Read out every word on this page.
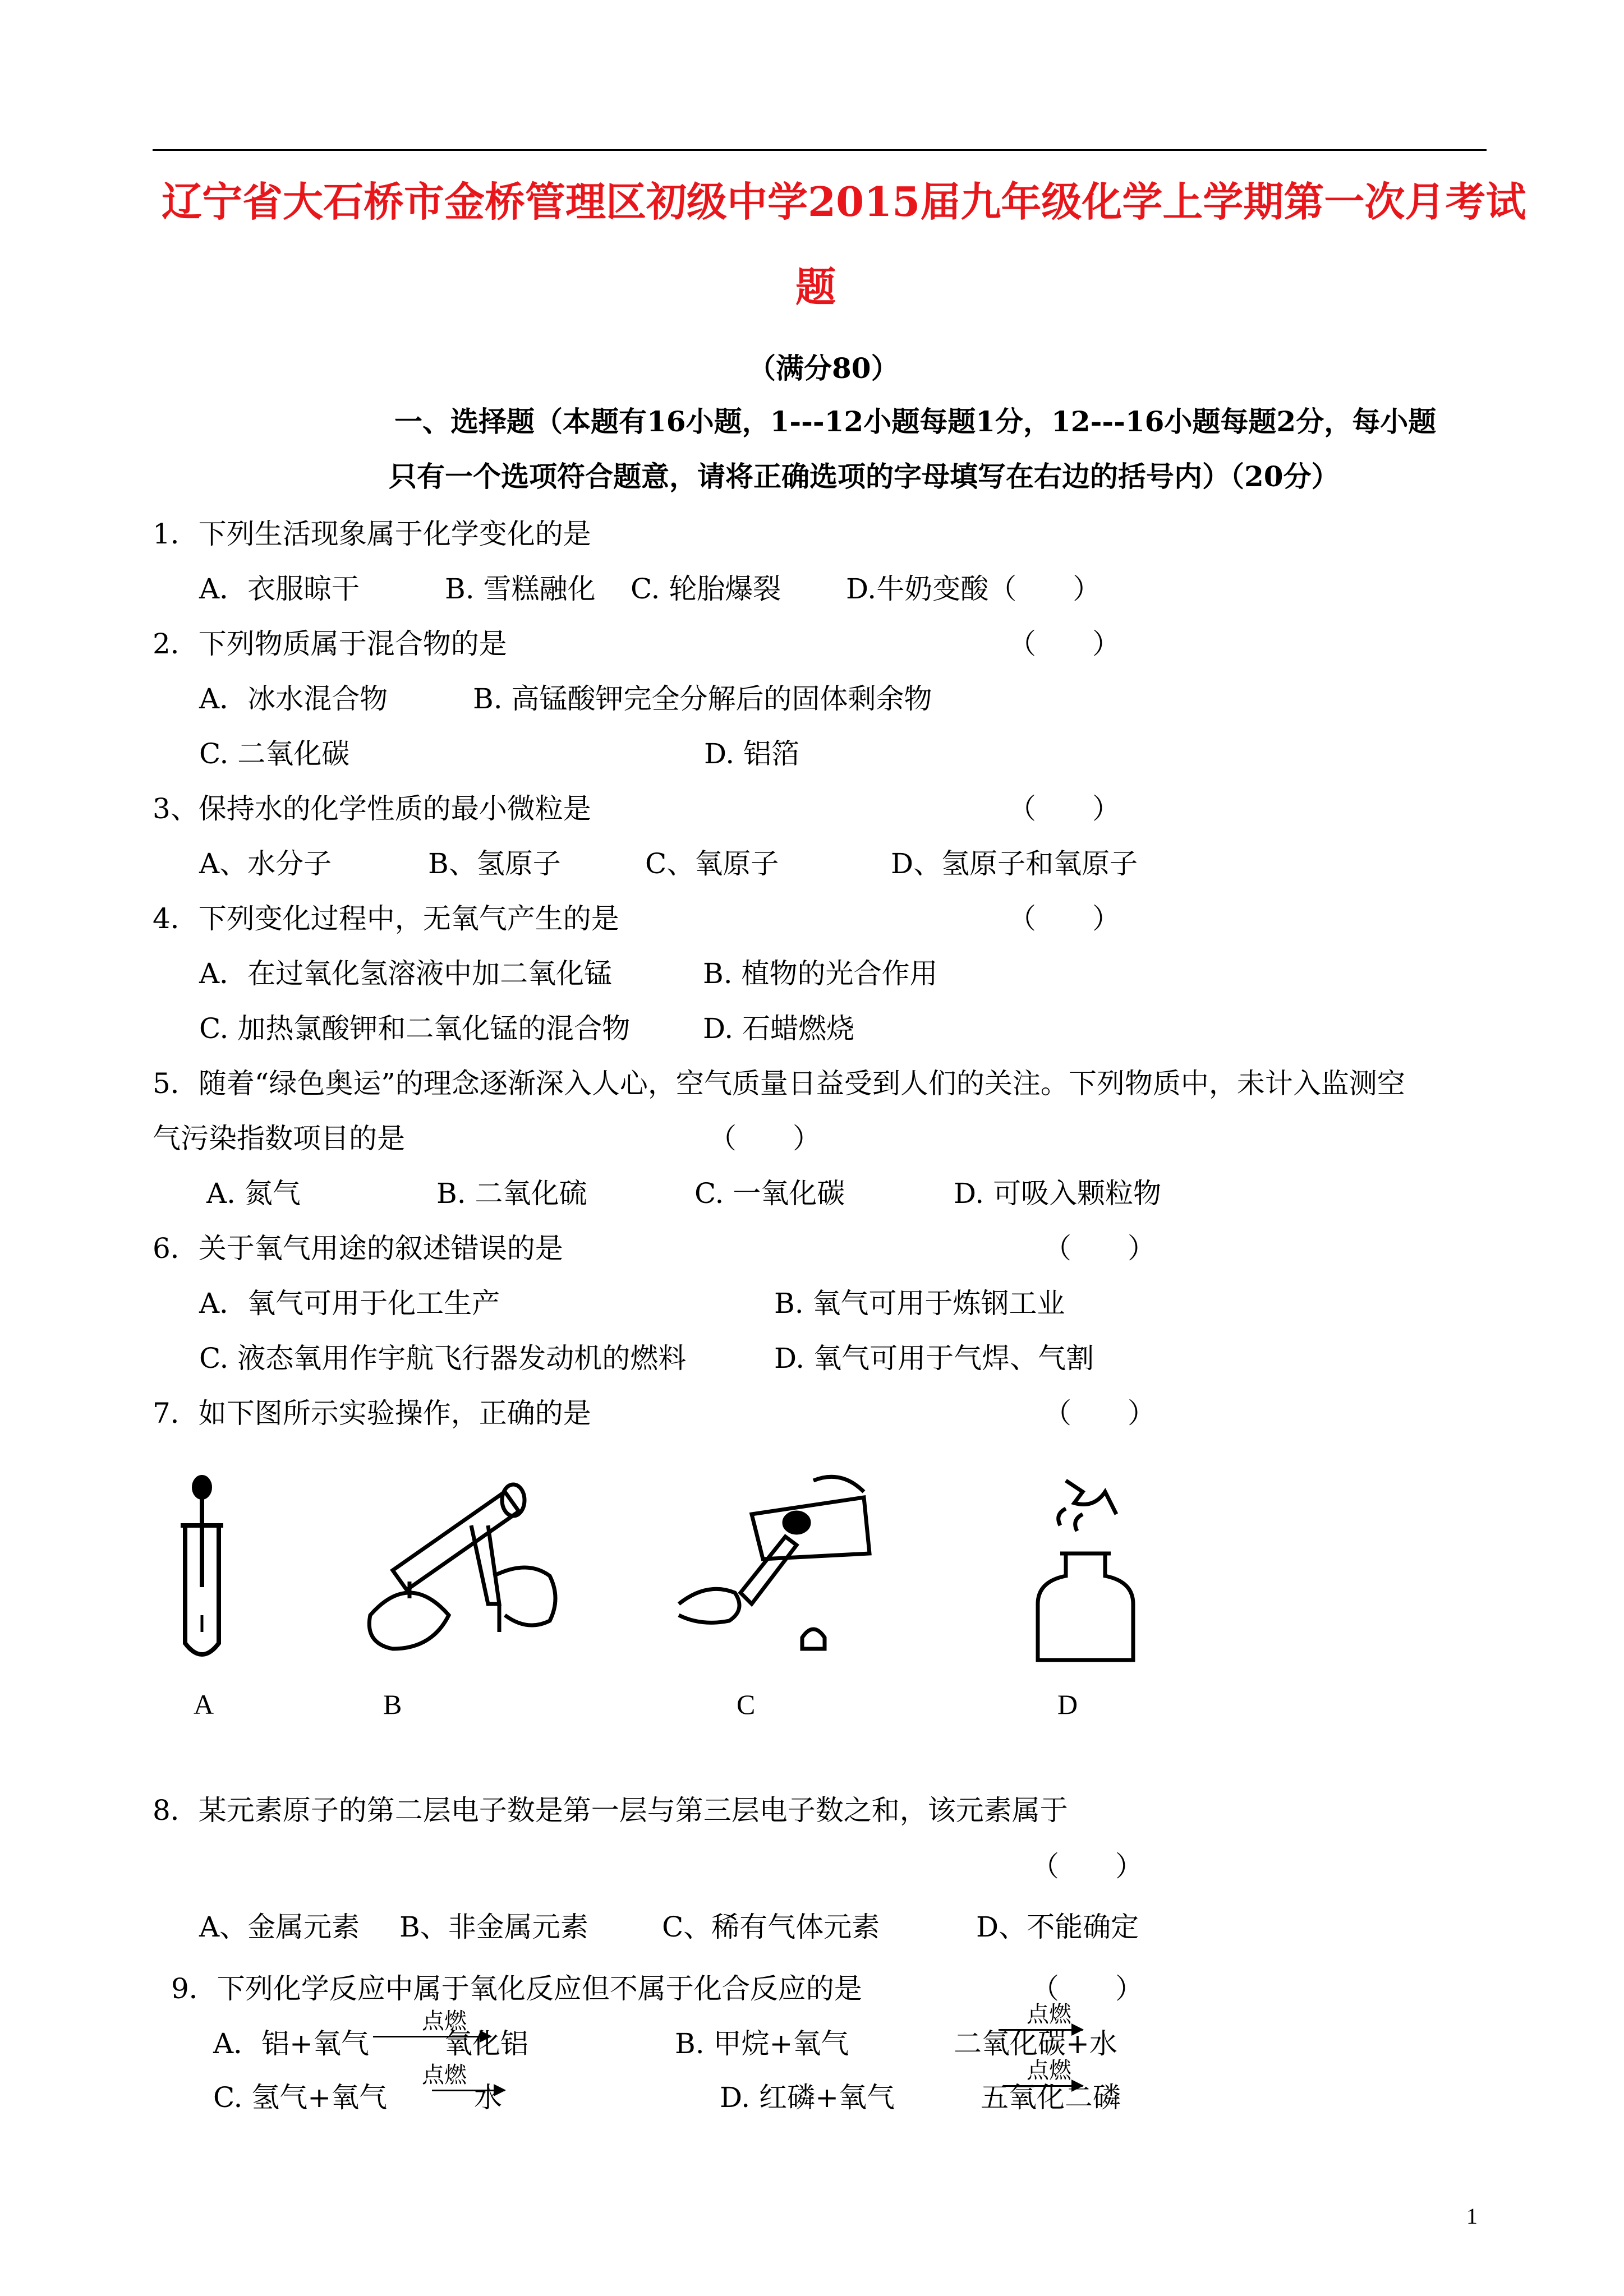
辽宁省大石桥市金桥管理区初级中学2015届九年级化学上学期第一次月考试
题
（满分80）
一、选择题（本题有16小题，1---12小题每题1分，12---16小题每题2分，每小题
只有一个选项符合题意，请将正确选项的字母填写在右边的括号内）（20分）
1．下列生活现象属于化学变化的是
A．衣服晾干	B. 雪糕融化 C. 轮胎爆裂 D.牛奶变酸（　　）
2．下列物质属于混合物的是	（　　）
A．冰水混合物	B. 高锰酸钾完全分解后的固体剩余物
C. 二氧化碳	D. 铝箔
3、保持水的化学性质的最小微粒是	（　　）
A、水分子	B、氢原子	C、氧原子	D、氢原子和氧原子
4．下列变化过程中，无氧气产生的是	（　　）
A．在过氧化氢溶液中加二氧化锰	B. 植物的光合作用
C. 加热氯酸钾和二氧化锰的混合物	D. 石蜡燃烧
5．随着“绿色奥运”的理念逐渐深入人心，空气质量日益受到人们的关注。下列物质中，未计入监测空
气污染指数项目的是	（　　）
A. 氮气	B. 二氧化硫	C. 一氧化碳	D. 可吸入颗粒物
6．关于氧气用途的叙述错误的是	（　　）
A．氧气可用于化工生产	B. 氧气可用于炼钢工业
C. 液态氧用作宇航飞行器发动机的燃料	D. 氧气可用于气焊、气割
7．如下图所示实验操作，正确的是	（　　）
A	B	C	D
8．某元素原子的第二层电子数是第一层与第三层电子数之和，该元素属于
（　　）
A、金属元素 B、非金属元素	C、稀有气体元素	D、不能确定
9．下列化学反应中属于氧化反应但不属于化合反应的是	（　　）
A．铝+氧气
点燃
氧化铝	B. 甲烷+氧气
点燃
二氧化碳+水
C. 氢气+氧气
点燃
水	D. 红磷+氧气
点燃
五氧化二磷
1
